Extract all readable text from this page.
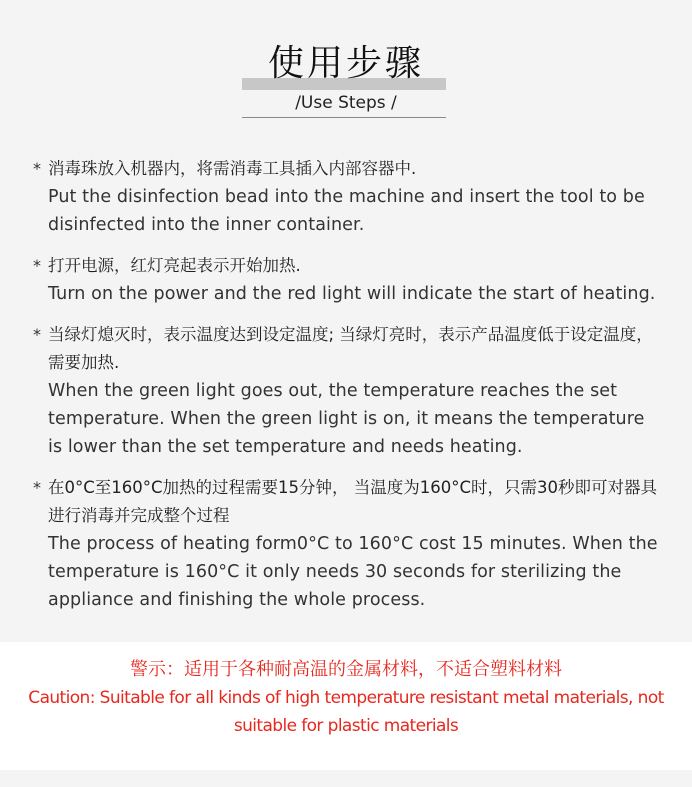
使用步骤
/Use Steps /
* 消毒珠放入机器内，将需消毒工具插入内部容器中.
Put the disinfection bead into the machine and insert the tool to be disinfected into the inner container.
* 打开电源，红灯亮起表示开始加热.
Turn on the power and the red light will indicate the start of heating.
* 当绿灯熄灭时，表示温度达到设定温度; 当绿灯亮时，表示产品温度低于设定温度，需要加热.
When the green light goes out, the temperature reaches the set temperature. When the green light is on, it means the temperature is lower than the set temperature and needs heating.
* 在0°C至160°C加热的过程需要15分钟， 当温度为160°C时，只需30秒即可对器具进行消毒并完成整个过程
The process of heating form0°C to 160°C cost 15 minutes. When the temperature is 160°C it only needs 30 seconds for sterilizing the appliance and finishing the whole process.
警示：适用于各种耐高温的金属材料，不适合塑料材料
Caution: Suitable for all kinds of high temperature resistant metal materials, not suitable for plastic materials
